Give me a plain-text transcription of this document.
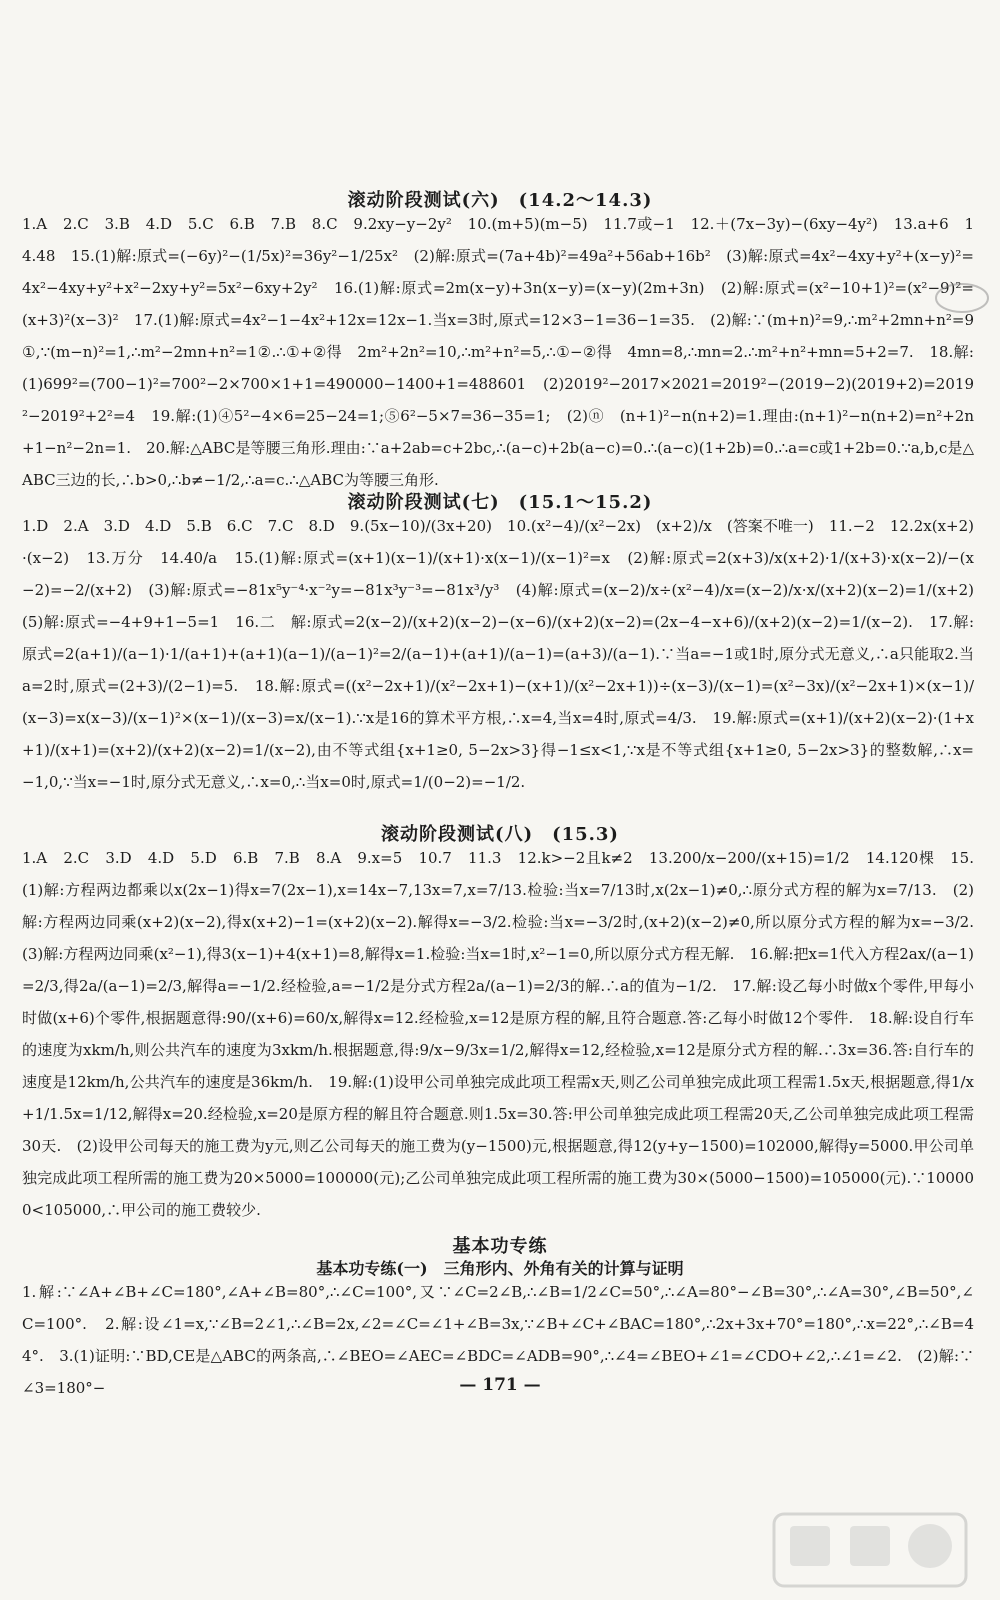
滚动阶段测试(六)　(14.2～14.3)
1.A　2.C　3.B　4.D　5.C　6.B　7.B　8.C　9.2xy−y−2y²　10.(m+5)(m−5)　11.7或−1　12.＋(7x−3y)−(6xy−4y²)　13.a+6　14.48　15.(1)解:原式=(−6y)²−(1/5x)²=36y²−1/25x²　(2)解:原式=(7a+4b)²=49a²+56ab+16b²　(3)解:原式=4x²−4xy+y²+(x−y)²=4x²−4xy+y²+x²−2xy+y²=5x²−6xy+2y²　16.(1)解:原式=2m(x−y)+3n(x−y)=(x−y)(2m+3n)　(2)解:原式=(x²−10+1)²=(x²−9)²=(x+3)²(x−3)²　17.(1)解:原式=4x²−1−4x²+12x=12x−1.当x=3时,原式=12×3−1=36−1=35.　(2)解:∵(m+n)²=9,∴m²+2mn+n²=9①,∵(m−n)²=1,∴m²−2mn+n²=1②.∴①+②得　2m²+2n²=10,∴m²+n²=5,∴①−②得　4mn=8,∴mn=2.∴m²+n²+mn=5+2=7.　18.解:(1)699²=(700−1)²=700²−2×700×1+1=490000−1400+1=488601　(2)2019²−2017×2021=2019²−(2019−2)(2019+2)=2019²−2019²+2²=4　19.解:(1)④5²−4×6=25−24=1;⑤6²−5×7=36−35=1;　(2)ⓝ　(n+1)²−n(n+2)=1.理由:(n+1)²−n(n+2)=n²+2n+1−n²−2n=1.　20.解:△ABC是等腰三角形.理由:∵a+2ab=c+2bc,∴(a−c)+2b(a−c)=0.∴(a−c)(1+2b)=0.∴a=c或1+2b=0.∵a,b,c是△ABC三边的长,∴b>0,∴b≠−1/2,∴a=c.∴△ABC为等腰三角形.
滚动阶段测试(七)　(15.1～15.2)
1.D　2.A　3.D　4.D　5.B　6.C　7.C　8.D　9.(5x−10)/(3x+20)　10.(x²−4)/(x²−2x)　(x+2)/x　(答案不唯一)　11.−2　12.2x(x+2)·(x−2)　13.万分　14.40/a　15.(1)解:原式=(x+1)(x−1)/(x+1)·x(x−1)/(x−1)²=x　(2)解:原式=2(x+3)/x(x+2)·1/(x+3)·x(x−2)/−(x−2)=−2/(x+2)　(3)解:原式=−81x⁵y⁻⁴·x⁻²y=−81x³y⁻³=−81x³/y³　(4)解:原式=(x−2)/x÷(x²−4)/x=(x−2)/x·x/(x+2)(x−2)=1/(x+2)　(5)解:原式=−4+9+1−5=1　16.二　解:原式=2(x−2)/(x+2)(x−2)−(x−6)/(x+2)(x−2)=(2x−4−x+6)/(x+2)(x−2)=1/(x−2).　17.解:原式=2(a+1)/(a−1)·1/(a+1)+(a+1)(a−1)/(a−1)²=2/(a−1)+(a+1)/(a−1)=(a+3)/(a−1).∵当a=−1或1时,原分式无意义,∴a只能取2.当a=2时,原式=(2+3)/(2−1)=5.　18.解:原式=((x²−2x+1)/(x²−2x+1)−(x+1)/(x²−2x+1))÷(x−3)/(x−1)=(x²−3x)/(x²−2x+1)×(x−1)/(x−3)=x(x−3)/(x−1)²×(x−1)/(x−3)=x/(x−1).∵x是16的算术平方根,∴x=4,当x=4时,原式=4/3.　19.解:原式=(x+1)/(x+2)(x−2)·(1+x+1)/(x+1)=(x+2)/(x+2)(x−2)=1/(x−2),由不等式组{x+1≥0, 5−2x>3}得−1≤x<1,∵x是不等式组{x+1≥0, 5−2x>3}的整数解,∴x=−1,0,∵当x=−1时,原分式无意义,∴x=0,∴当x=0时,原式=1/(0−2)=−1/2.
滚动阶段测试(八)　(15.3)
1.A　2.C　3.D　4.D　5.D　6.B　7.B　8.A　9.x=5　10.7　11.3　12.k>−2且k≠2　13.200/x−200/(x+15)=1/2　14.120棵　15.(1)解:方程两边都乘以x(2x−1)得x=7(2x−1),x=14x−7,13x=7,x=7/13.检验:当x=7/13时,x(2x−1)≠0,∴原分式方程的解为x=7/13.　(2)解:方程两边同乘(x+2)(x−2),得x(x+2)−1=(x+2)(x−2).解得x=−3/2.检验:当x=−3/2时,(x+2)(x−2)≠0,所以原分式方程的解为x=−3/2.　(3)解:方程两边同乘(x²−1),得3(x−1)+4(x+1)=8,解得x=1.检验:当x=1时,x²−1=0,所以原分式方程无解.　16.解:把x=1代入方程2ax/(a−1)=2/3,得2a/(a−1)=2/3,解得a=−1/2.经检验,a=−1/2是分式方程2a/(a−1)=2/3的解.∴a的值为−1/2.　17.解:设乙每小时做x个零件,甲每小时做(x+6)个零件,根据题意得:90/(x+6)=60/x,解得x=12.经检验,x=12是原方程的解,且符合题意.答:乙每小时做12个零件.　18.解:设自行车的速度为xkm/h,则公共汽车的速度为3xkm/h.根据题意,得:9/x−9/3x=1/2,解得x=12,经检验,x=12是原分式方程的解.∴3x=36.答:自行车的速度是12km/h,公共汽车的速度是36km/h.　19.解:(1)设甲公司单独完成此项工程需x天,则乙公司单独完成此项工程需1.5x天,根据题意,得1/x+1/1.5x=1/12,解得x=20.经检验,x=20是原方程的解且符合题意.则1.5x=30.答:甲公司单独完成此项工程需20天,乙公司单独完成此项工程需30天.　(2)设甲公司每天的施工费为y元,则乙公司每天的施工费为(y−1500)元,根据题意,得12(y+y−1500)=102000,解得y=5000.甲公司单独完成此项工程所需的施工费为20×5000=100000(元);乙公司单独完成此项工程所需的施工费为30×(5000−1500)=105000(元).∵100000<105000,∴甲公司的施工费较少.
基本功专练
基本功专练(一)　三角形内、外角有关的计算与证明
1.解:∵∠A+∠B+∠C=180°,∠A+∠B=80°,∴∠C=100°,又∵∠C=2∠B,∴∠B=1/2∠C=50°,∴∠A=80°−∠B=30°,∴∠A=30°,∠B=50°,∠C=100°.　2.解:设∠1=x,∵∠B=2∠1,∴∠B=2x,∠2=∠C=∠1+∠B=3x,∵∠B+∠C+∠BAC=180°,∴2x+3x+70°=180°,∴x=22°,∴∠B=44°.　3.(1)证明:∵BD,CE是△ABC的两条高,∴∠BEO=∠AEC=∠BDC=∠ADB=90°,∴∠4=∠BEO+∠1=∠CDO+∠2,∴∠1=∠2.　(2)解:∵∠3=180°−	— 171 —
